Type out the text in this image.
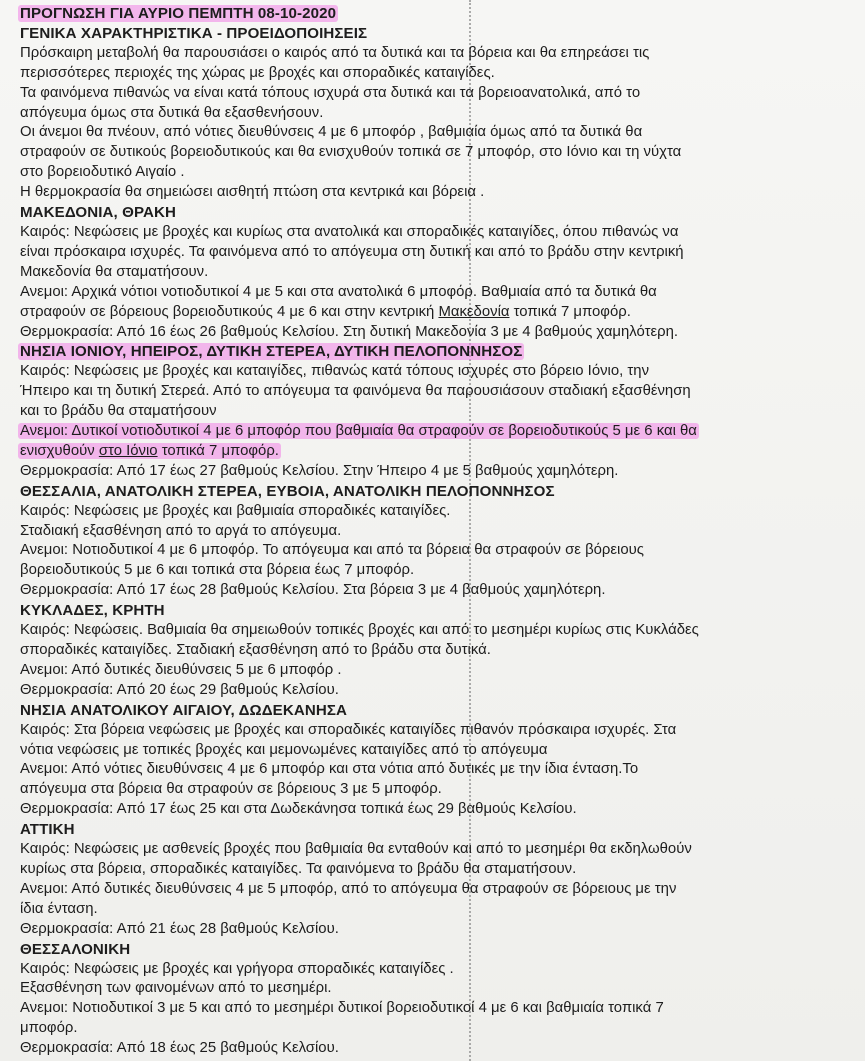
ΠΡΟΓΝΩΣΗ ΓΙΑ ΑΥΡΙΟ ΠΕΜΠΤΗ 08-10-2020
ΓΕΝΙΚΑ ΧΑΡΑΚΤΗΡΙΣΤΙΚΑ - ΠΡΟΕΙΔΟΠΟΙΗΣΕΙΣ
Πρόσκαιρη μεταβολή θα παρουσιάσει ο καιρός από τα δυτικά και τα βόρεια και θα επηρεάσει τις
περισσότερες περιοχές της χώρας με βροχές και σποραδικές καταιγίδες.
Τα φαινόμενα πιθανώς να είναι κατά τόπους ισχυρά στα δυτικά και τα βορειοανατολικά, από το
απόγευμα όμως στα δυτικά θα εξασθενήσουν.
Οι άνεμοι θα πνέουν, από νότιες διευθύνσεις 4 με 6 μποφόρ , βαθμιαία όμως από τα δυτικά θα
στραφούν σε δυτικούς βορειοδυτικούς και θα ενισχυθούν τοπικά σε 7 μποφόρ, στο Ιόνιο και τη νύχτα
στο βορειοδυτικό Αιγαίο .
Η θερμοκρασία θα σημειώσει αισθητή πτώση στα κεντρικά και βόρεια .
ΜΑΚΕΔΟΝΙΑ, ΘΡΑΚΗ
Καιρός: Νεφώσεις με βροχές και κυρίως στα ανατολικά και σποραδικές καταιγίδες, όπου πιθανώς να
είναι πρόσκαιρα ισχυρές. Τα φαινόμενα από το απόγευμα στη δυτική και από το βράδυ στην κεντρική
Μακεδονία θα σταματήσουν.
Ανεμοι: Αρχικά νότιοι νοτιοδυτικοί 4 με 5 και στα ανατολικά 6 μποφόρ. Βαθμιαία από τα δυτικά θα
στραφούν σε βόρειους βορειοδυτικούς 4 με 6 και στην κεντρική Μακεδονία τοπικά 7 μποφόρ.
Θερμοκρασία: Από 16 έως 26 βαθμούς Κελσίου. Στη δυτική Μακεδονία 3 με 4 βαθμούς χαμηλότερη.
ΝΗΣΙΑ ΙΟΝΙΟΥ, ΗΠΕΙΡΟΣ, ΔΥΤΙΚΗ ΣΤΕΡΕΑ, ΔΥΤΙΚΗ ΠΕΛΟΠΟΝΝΗΣΟΣ
Καιρός: Νεφώσεις με βροχές και καταιγίδες, πιθανώς κατά τόπους ισχυρές στο βόρειο Ιόνιο, την
Ήπειρο και τη δυτική Στερεά. Από το απόγευμα τα φαινόμενα θα παρουσιάσουν σταδιακή εξασθένηση
και το βράδυ θα σταματήσουν
Ανεμοι: Δυτικοί νοτιοδυτικοί 4 με 6 μποφόρ που βαθμιαία θα στραφούν σε βορειοδυτικούς 5 με 6 και θα
ενισχυθούν στο Ιόνιο τοπικά 7 μποφόρ.
Θερμοκρασία: Από 17 έως 27 βαθμούς Κελσίου. Στην Ήπειρο 4 με 5 βαθμούς χαμηλότερη.
ΘΕΣΣΑΛΙΑ, ΑΝΑΤΟΛΙΚΗ ΣΤΕΡΕΑ, ΕΥΒΟΙΑ, ΑΝΑΤΟΛΙΚΗ ΠΕΛΟΠΟΝΝΗΣΟΣ
Καιρός: Νεφώσεις με βροχές και βαθμιαία σποραδικές καταιγίδες.
Σταδιακή εξασθένηση από το αργά το απόγευμα.
Ανεμοι: Νοτιοδυτικοί 4 με 6 μποφόρ. Το απόγευμα και από τα βόρεια θα στραφούν σε βόρειους
βορειοδυτικούς 5 με 6 και τοπικά στα βόρεια έως 7 μποφόρ.
Θερμοκρασία: Από 17 έως 28 βαθμούς Κελσίου. Στα βόρεια 3 με 4 βαθμούς χαμηλότερη.
ΚΥΚΛΑΔΕΣ, ΚΡΗΤΗ
Καιρός: Νεφώσεις. Βαθμιαία θα σημειωθούν τοπικές βροχές και από το μεσημέρι κυρίως στις Κυκλάδες
σποραδικές καταιγίδες. Σταδιακή εξασθένηση από το βράδυ στα δυτικά.
Ανεμοι: Από δυτικές διευθύνσεις 5 με 6 μποφόρ .
Θερμοκρασία: Από 20 έως 29 βαθμούς Κελσίου.
ΝΗΣΙΑ ΑΝΑΤΟΛΙΚΟΥ ΑΙΓΑΙΟΥ, ΔΩΔΕΚΑΝΗΣΑ
Καιρός: Στα βόρεια νεφώσεις με βροχές και σποραδικές καταιγίδες πιθανόν πρόσκαιρα ισχυρές. Στα
νότια νεφώσεις με τοπικές βροχές και μεμονωμένες καταιγίδες από το απόγευμα
Ανεμοι: Από νότιες διευθύνσεις 4 με 6 μποφόρ και στα νότια από δυτικές με την ίδια ένταση.Το
απόγευμα στα βόρεια θα στραφούν σε βόρειους 3 με 5 μποφόρ.
Θερμοκρασία: Από 17 έως 25 και στα Δωδεκάνησα τοπικά έως 29 βαθμούς Κελσίου.
ΑΤΤΙΚΗ
Καιρός: Νεφώσεις με ασθενείς βροχές που βαθμιαία θα ενταθούν και από το μεσημέρι θα εκδηλωθούν
κυρίως στα βόρεια, σποραδικές καταιγίδες. Τα φαινόμενα το βράδυ θα σταματήσουν.
Ανεμοι: Από δυτικές διευθύνσεις 4 με 5 μποφόρ, από το απόγευμα θα στραφούν σε βόρειους με την
ίδια ένταση.
Θερμοκρασία: Από 21 έως 28 βαθμούς Κελσίου.
ΘΕΣΣΑΛΟΝΙΚΗ
Καιρός: Νεφώσεις με βροχές και γρήγορα σποραδικές καταιγίδες .
Εξασθένηση των φαινομένων από το μεσημέρι.
Ανεμοι: Νοτιοδυτικοί 3 με 5 και από το μεσημέρι δυτικοί βορειοδυτικοί 4 με 6 και βαθμιαία τοπικά 7
μποφόρ.
Θερμοκρασία: Από 18 έως 25 βαθμούς Κελσίου.
